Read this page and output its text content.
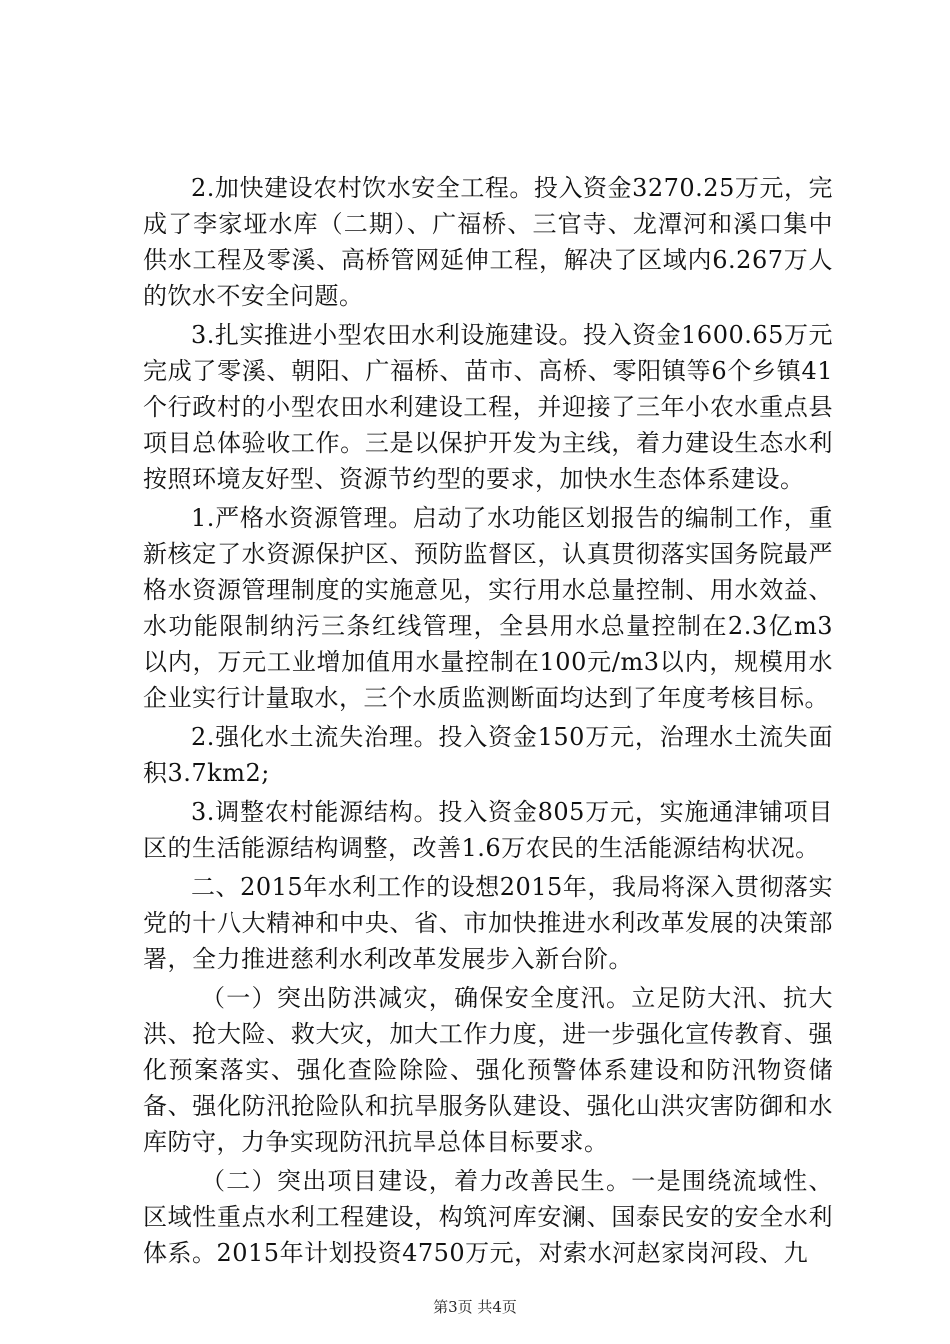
2.加快建设农村饮水安全工程。投入资金3270.25万元，完成了李家垭水库（二期）、广福桥、三官寺、龙潭河和溪口集中供水工程及零溪、高桥管网延伸工程，解决了区域内6.267万人的饮水不安全问题。

3.扎实推进小型农田水利设施建设。投入资金1600.65万元完成了零溪、朝阳、广福桥、苗市、高桥、零阳镇等6个乡镇41个行政村的小型农田水利建设工程，并迎接了三年小农水重点县项目总体验收工作。三是以保护开发为主线，着力建设生态水利按照环境友好型、资源节约型的要求，加快水生态体系建设。

1.严格水资源管理。启动了水功能区划报告的编制工作，重新核定了水资源保护区、预防监督区，认真贯彻落实国务院最严格水资源管理制度的实施意见，实行用水总量控制、用水效益、水功能限制纳污三条红线管理，全县用水总量控制在2.3亿m3以内，万元工业增加值用水量控制在100元/m3以内，规模用水企业实行计量取水，三个水质监测断面均达到了年度考核目标。

2.强化水土流失治理。投入资金150万元，治理水土流失面积3.7km2;

3.调整农村能源结构。投入资金805万元，实施通津铺项目区的生活能源结构调整，改善1.6万农民的生活能源结构状况。

二、2015年水利工作的设想2015年，我局将深入贯彻落实党的十八大精神和中央、省、市加快推进水利改革发展的决策部署，全力推进慈利水利改革发展步入新台阶。

（一）突出防洪减灾，确保安全度汛。立足防大汛、抗大洪、抢大险、救大灾，加大工作力度，进一步强化宣传教育、强化预案落实、强化查险除险、强化预警体系建设和防汛物资储备、强化防汛抢险队和抗旱服务队建设、强化山洪灾害防御和水库防守，力争实现防汛抗旱总体目标要求。

（二）突出项目建设，着力改善民生。一是围绕流域性、区域性重点水利工程建设，构筑河库安澜、国泰民安的安全水利体系。2015年计划投资4750万元，对索水河赵家岗河段、九

第3页 共4页
